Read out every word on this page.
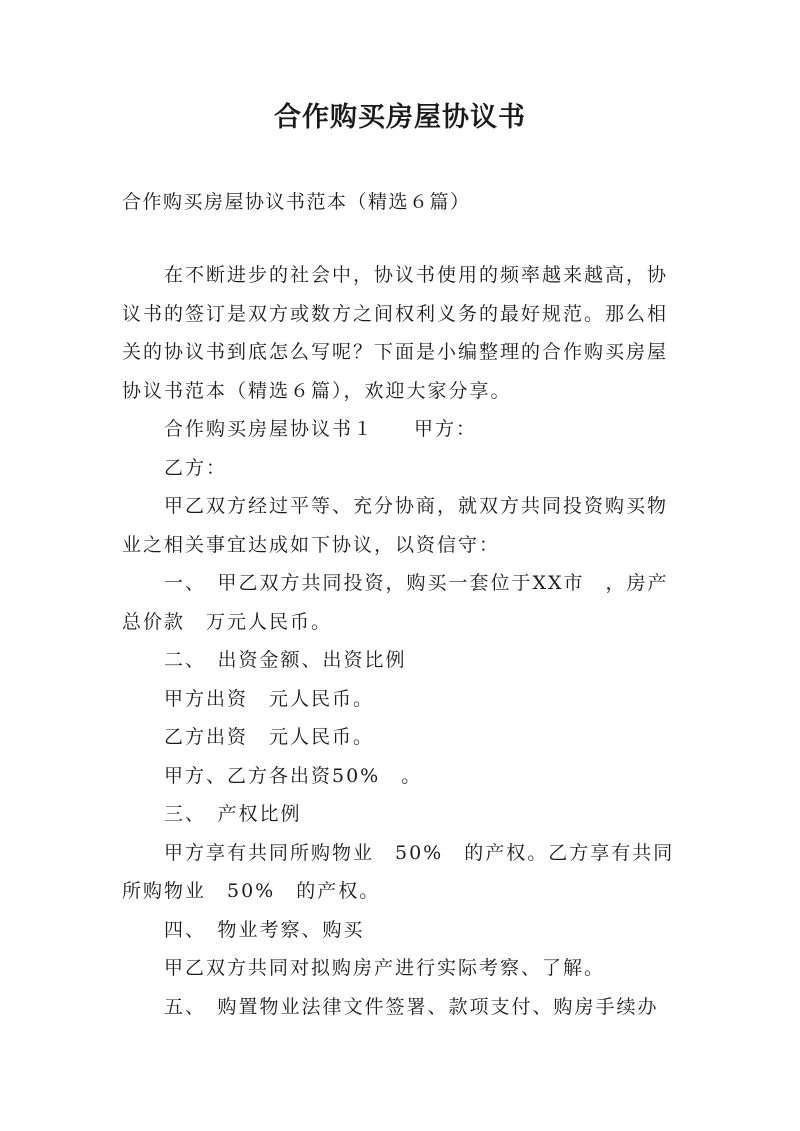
合作购买房屋协议书
合作购买房屋协议书范本（精选６篇）

在不断进步的社会中，协议书使用的频率越来越高，协议书的签订是双方或数方之间权利义务的最好规范。那么相关的协议书到底怎么写呢？下面是小编整理的合作购买房屋协议书范本（精选６篇），欢迎大家分享。

合作购买房屋协议书１ 甲方：

乙方：

甲乙双方经过平等、充分协商，就双方共同投资购买物业之相关事宜达成如下协议，以资信守：

一、　甲乙双方共同投资，购买一套位于XX市　，房产总价款　万元人民币。

二、　出资金额、出资比例

甲方出资　元人民币。

乙方出资　元人民币。

甲方、乙方各出资50%　。

三、　产权比例

甲方享有共同所购物业　50%　的产权。乙方享有共同所购物业　50%　的产权。

四、　物业考察、购买

甲乙双方共同对拟购房产进行实际考察、了解。

五、　购置物业法律文件签署、款项支付、购房手续办
